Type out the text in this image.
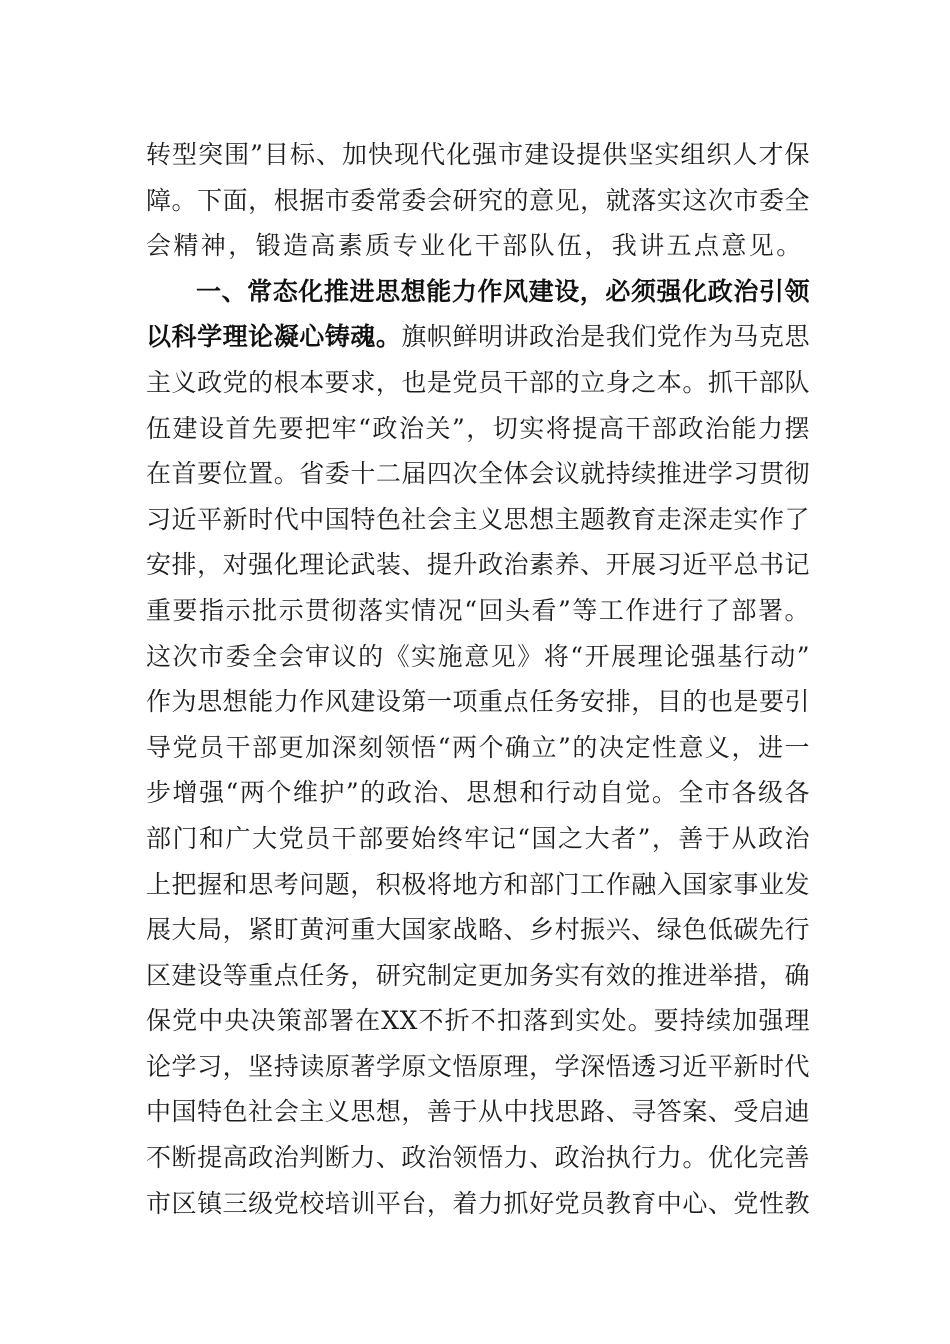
转型突围”目标、加快现代化强市建设提供坚实组织人才保
障。下面，根据市委常委会研究的意见，就落实这次市委全
会精神，锻造高素质专业化干部队伍，我讲五点意见。
一、常态化推进思想能力作风建设，必须强化政治引领
以科学理论凝心铸魂。旗帜鲜明讲政治是我们党作为马克思
主义政党的根本要求，也是党员干部的立身之本。抓干部队
伍建设首先要把牢“政治关”，切实将提高干部政治能力摆
在首要位置。省委十二届四次全体会议就持续推进学习贯彻
习近平新时代中国特色社会主义思想主题教育走深走实作了
安排，对强化理论武装、提升政治素养、开展习近平总书记
重要指示批示贯彻落实情况“回头看”等工作进行了部署。
这次市委全会审议的《实施意见》将“开展理论强基行动”
作为思想能力作风建设第一项重点任务安排，目的也是要引
导党员干部更加深刻领悟“两个确立”的决定性意义，进一
步增强“两个维护”的政治、思想和行动自觉。全市各级各
部门和广大党员干部要始终牢记“国之大者”，善于从政治
上把握和思考问题，积极将地方和部门工作融入国家事业发
展大局，紧盯黄河重大国家战略、乡村振兴、绿色低碳先行
区建设等重点任务，研究制定更加务实有效的推进举措，确
保党中央决策部署在XX不折不扣落到实处。要持续加强理
论学习，坚持读原著学原文悟原理，学深悟透习近平新时代
中国特色社会主义思想，善于从中找思路、寻答案、受启迪
不断提高政治判断力、政治领悟力、政治执行力。优化完善
市区镇三级党校培训平台，着力抓好党员教育中心、党性教
